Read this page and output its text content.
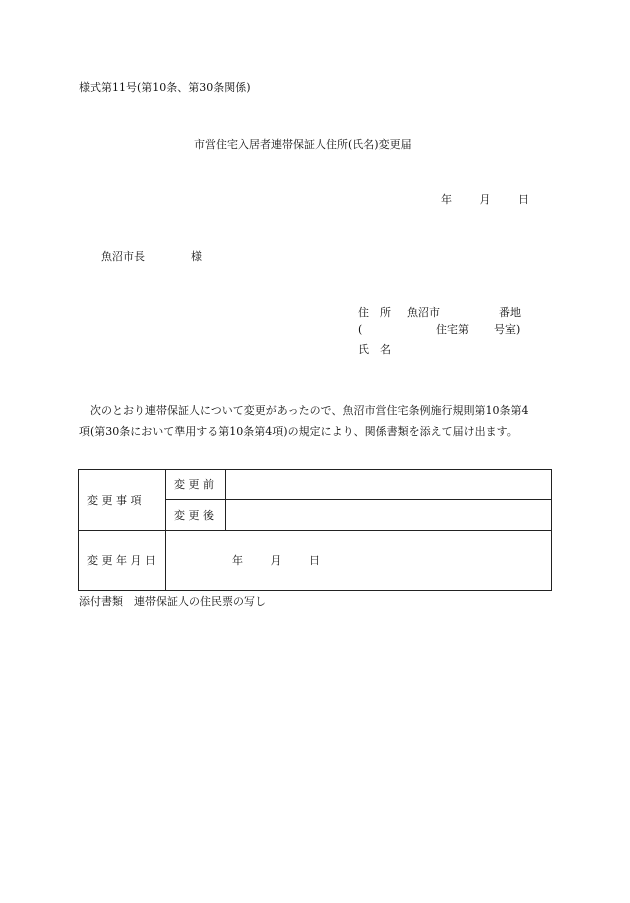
様式第11号(第10条、第30条関係)
市営住宅入居者連帯保証人住所(氏名)変更届
年	月	日
魚沼市長	様
住　所 魚沼市	番地
(	住宅第 号室)
氏　名

　次のとおり連帯保証人について変更があったので、魚沼市営住宅条例施行規則第10条第4

項(第30条において準用する第10条第4項)の規定により、関係書類を添えて届け出ます。

変 更 事 項	変 更 前	
	変 更 後	
変 更 年 月 日	年 月 日	
添付書類　連帯保証人の住民票の写し
